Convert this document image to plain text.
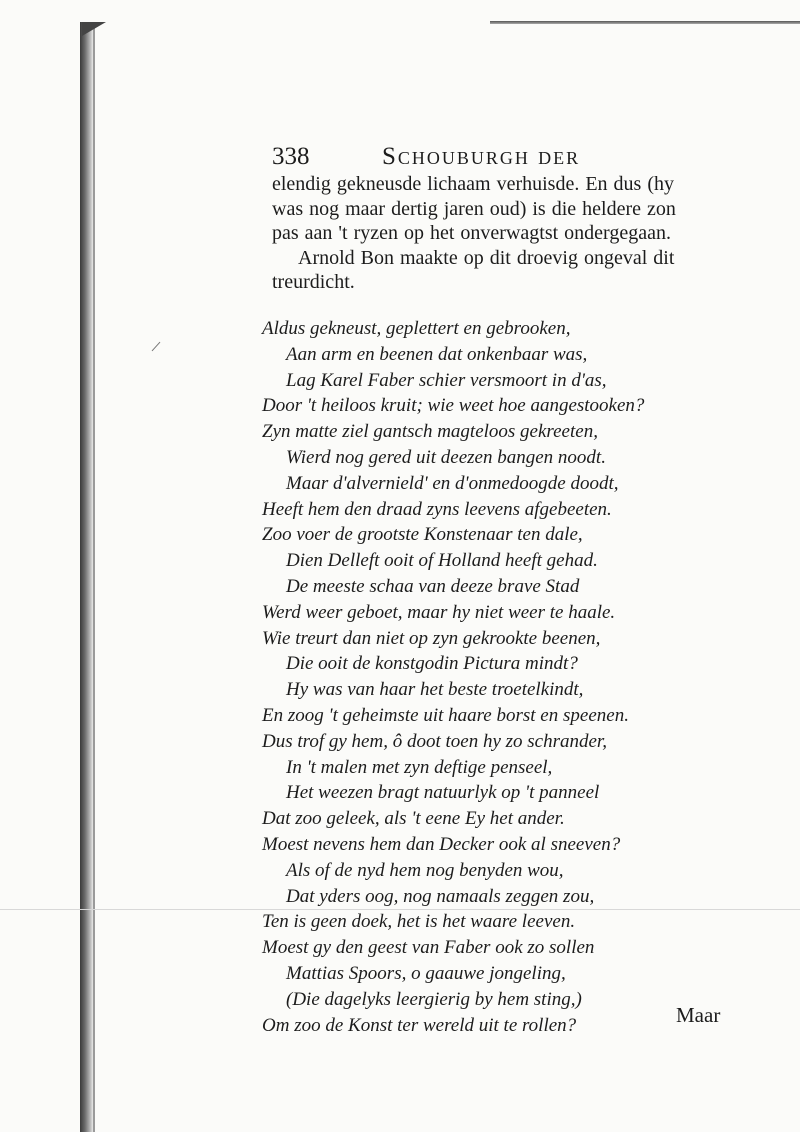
338	Schouburgh der
elendig gekneusde lichaam verhuisde. En dus (hy
was nog maar dertig jaren oud) is die heldere zon
pas aan 't ryzen op het onverwagtst ondergegaan.
Arnold Bon maakte op dit droevig ongeval dit
treurdicht.
Aldus gekneust, geplettert en gebrooken,
Aan arm en beenen dat onkenbaar was,
Lag Karel Faber schier versmoort in d'as,
Door 't heiloos kruit; wie weet hoe aangestooken?
Zyn matte ziel gantsch magteloos gekreeten,
Wierd nog gered uit deezen bangen noodt.
Maar d'alvernield' en d'onmedoogde doodt,
Heeft hem den draad zyns leevens afgebeeten.
Zoo voer de grootste Konstenaar ten dale,
Dien Delleft ooit of Holland heeft gehad.
De meeste schaa van deeze brave Stad
Werd weer geboet, maar hy niet weer te haale.
Wie treurt dan niet op zyn gekrookte beenen,
Die ooit de konstgodin Pictura mindt?
Hy was van haar het beste troetelkindt,
En zoog 't geheimste uit haare borst en speenen.
Dus trof gy hem, ô doot toen hy zo schrander,
In 't malen met zyn deftige penseel,
Het weezen bragt natuurlyk op 't panneel
Dat zoo geleek, als 't eene Ey het ander.
Moest nevens hem dan Decker ook al sneeven?
Als of de nyd hem nog benyden wou,
Dat yders oog, nog namaals zeggen zou,
Ten is geen doek, het is het waare leeven.
Moest gy den geest van Faber ook zo sollen
Mattias Spoors, o gaauwe jongeling,
(Die dagelyks leergierig by hem sting,)
Om zoo de Konst ter wereld uit te rollen?	Maar
